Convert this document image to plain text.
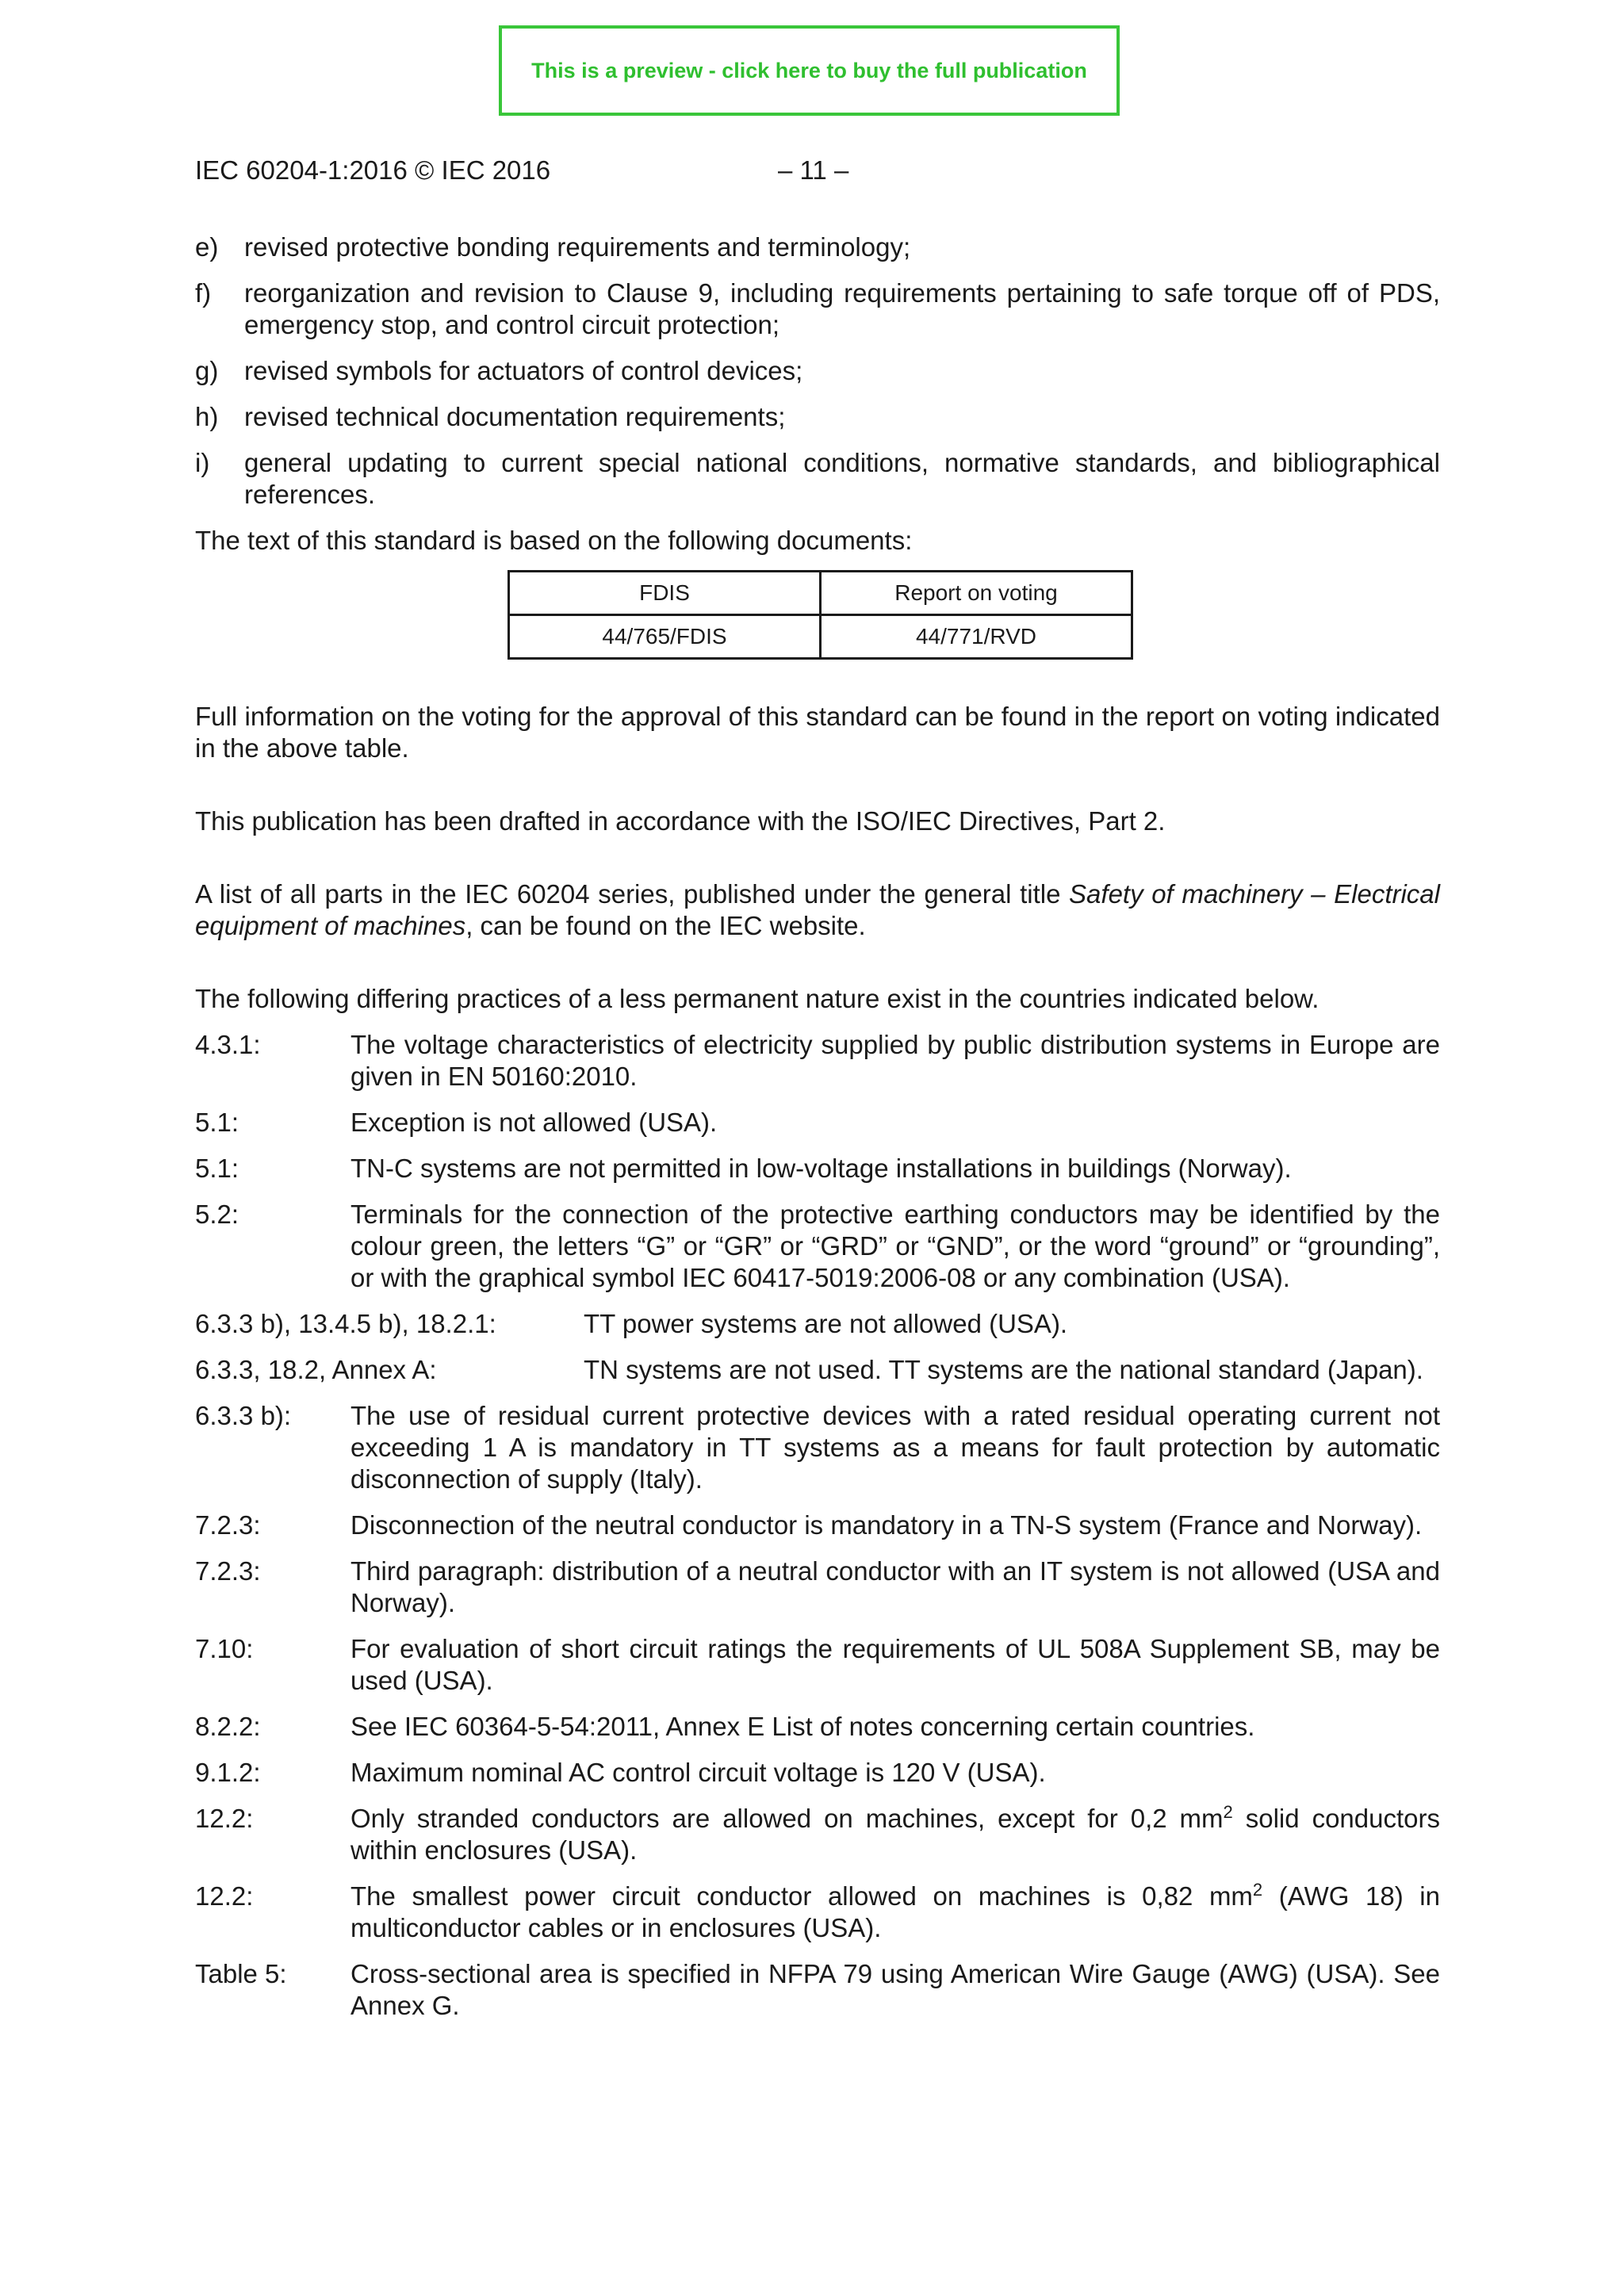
This is a preview - click here to buy the full publication
IEC 60204-1:2016 © IEC 2016	– 11 –
e) revised protective bonding requirements and terminology;
f)	reorganization and revision to Clause 9, including requirements pertaining to safe torque off of PDS, emergency stop, and control circuit protection;
g) revised symbols for actuators of control devices;
h) revised technical documentation requirements;
i)	general updating to current special national conditions, normative standards, and bibliographical references.

The text of this standard is based on the following documents:

FDIS	Report on voting
44/765/FDIS	44/771/RVD

Full information on the voting for the approval of this standard can be found in the report on voting indicated in the above table.

This publication has been drafted in accordance with the ISO/IEC Directives, Part 2.

A list of all parts in the IEC 60204 series, published under the general title Safety of machinery – Electrical equipment of machines, can be found on the IEC website.

The following differing practices of a less permanent nature exist in the countries indicated below.

4.3.1:	The voltage characteristics of electricity supplied by public distribution systems in Europe are given in EN 50160:2010.
5.1:	Exception is not allowed (USA).
5.1:	TN-C systems are not permitted in low-voltage installations in buildings (Norway).
5.2:	Terminals for the connection of the protective earthing conductors may be identified by the colour green, the letters “G” or “GR” or “GRD” or “GND”, or the word “ground” or “grounding”, or with the graphical symbol IEC 60417-5019:2006-08 or any combination (USA).
6.3.3 b), 13.4.5 b), 18.2.1:	TT power systems are not allowed (USA).
6.3.3, 18.2, Annex A:	TN systems are not used. TT systems are the national standard (Japan).
6.3.3 b):	The use of residual current protective devices with a rated residual operating current not exceeding 1 A is mandatory in TT systems as a means for fault protection by automatic disconnection of supply (Italy).
7.2.3:	Disconnection of the neutral conductor is mandatory in a TN-S system (France and Norway).
7.2.3:	Third paragraph: distribution of a neutral conductor with an IT system is not allowed (USA and Norway).
7.10:	For evaluation of short circuit ratings the requirements of UL 508A Supplement SB, may be used (USA).
8.2.2:	See IEC 60364-5-54:2011, Annex E List of notes concerning certain countries.
9.1.2:	Maximum nominal AC control circuit voltage is 120 V (USA).
12.2:	Only stranded conductors are allowed on machines, except for 0,2 $mm^2$ solid conductors within enclosures (USA).
12.2:	The smallest power circuit conductor allowed on machines is 0,82 $mm^2$ (AWG 18) in multiconductor cables or in enclosures (USA).
Table 5:	Cross-sectional area is specified in NFPA 79 using American Wire Gauge (AWG) (USA). See Annex G.
